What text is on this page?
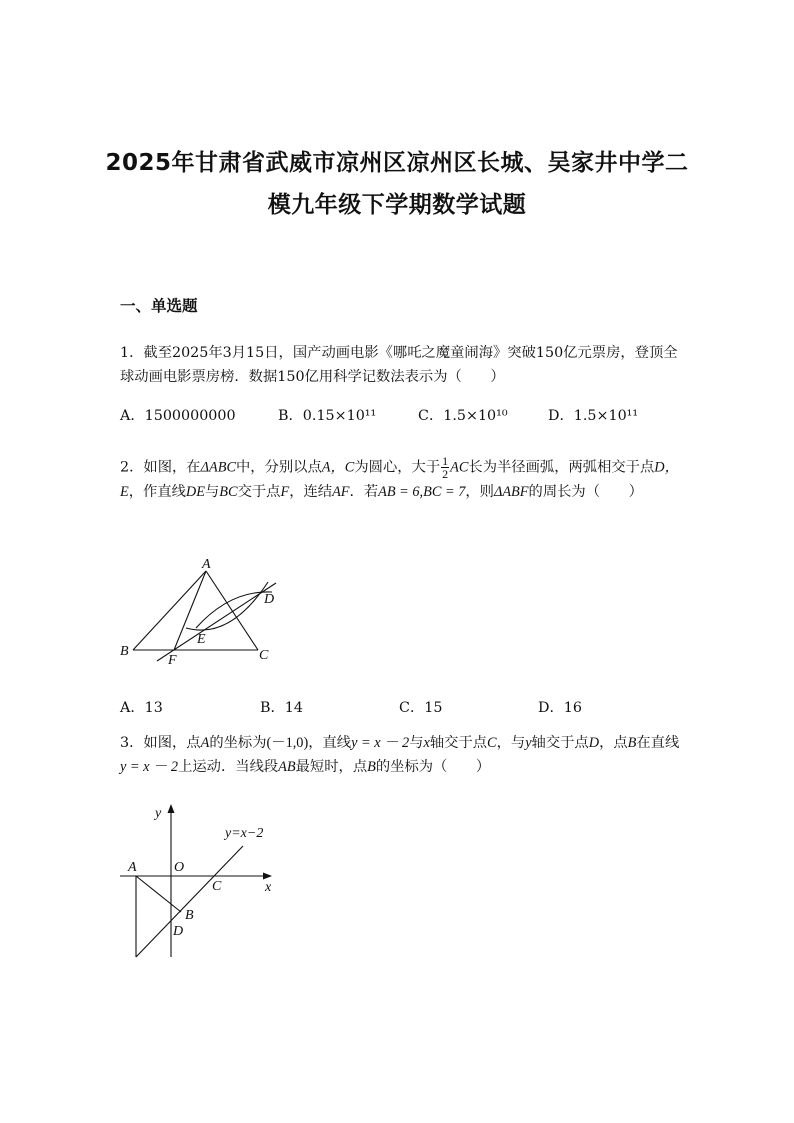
2025年甘肃省武威市凉州区凉州区长城、吴家井中学二模九年级下学期数学试题
一、单选题
1．截至2025年3月15日，国产动画电影《哪吒之魔童闹海》突破150亿元票房，登顶全球动画电影票房榜．数据150亿用科学记数法表示为（　　）
A．1500000000	B．0.15×10¹¹	C．1.5×10¹⁰	D．1.5×10¹¹
2．如图，在ΔABC中，分别以点A，C为圆心，大于 $\frac{1}{2}$ AC长为半径画弧，两弧相交于点D，E，作直线DE与BC交于点F，连结AF．若AB = 6,BC = 7，则ΔABF的周长为（　　）
A
B	C
D
E
F
y
x
O
A
C
B
D
y=x−2
A．13	B．14	C．15	D．16
3．如图，点A的坐标为(－1,0)，直线y = x － 2与x轴交于点C，与y轴交于点D，点B在直线y = x － 2上运动．当线段AB最短时，点B的坐标为（　　）
